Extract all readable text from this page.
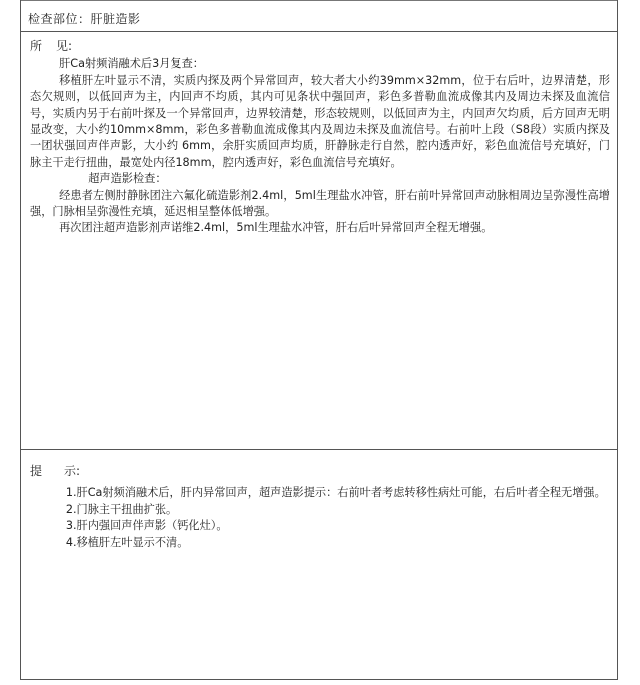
检查部位：肝脏造影
所 见:

肝Ca射频消融术后3月复查：

移植肝左叶显示不清，实质内探及两个异常回声，较大者大小约39mm×32mm，位于右后叶，边界清楚，形态欠规则，以低回声为主，内回声不均质，其内可见条状中强回声，彩色多普勒血流成像其内及周边未探及血流信号，实质内另于右前叶探及一个异常回声，边界较清楚，形态较规则，以低回声为主，内回声欠均质，后方回声无明显改变，大小约10mm×8mm，彩色多普勒血流成像其内及周边未探及血流信号。右前叶上段（S8段）实质内探及一团状强回声伴声影，大小约 6mm，余肝实质回声均质，肝静脉走行自然，腔内透声好，彩色血流信号充填好，门脉主干走行扭曲，最宽处内径18mm，腔内透声好，彩色血流信号充填好。

超声造影检查：

经患者左侧肘静脉团注六氟化硫造影剂2.4ml，5ml生理盐水冲管，肝右前叶异常回声动脉相周边呈弥漫性高增强，门脉相呈弥漫性充填，延迟相呈整体低增强。

再次团注超声造影剂声诺维2.4ml，5ml生理盐水冲管，肝右后叶异常回声全程无增强。

提 示:

1.肝Ca射频消融术后，肝内异常回声，超声造影提示：右前叶者考虑转移性病灶可能，右后叶者全程无增强。

2.门脉主干扭曲扩张。

3.肝内强回声伴声影（钙化灶）。

4.移植肝左叶显示不清。
